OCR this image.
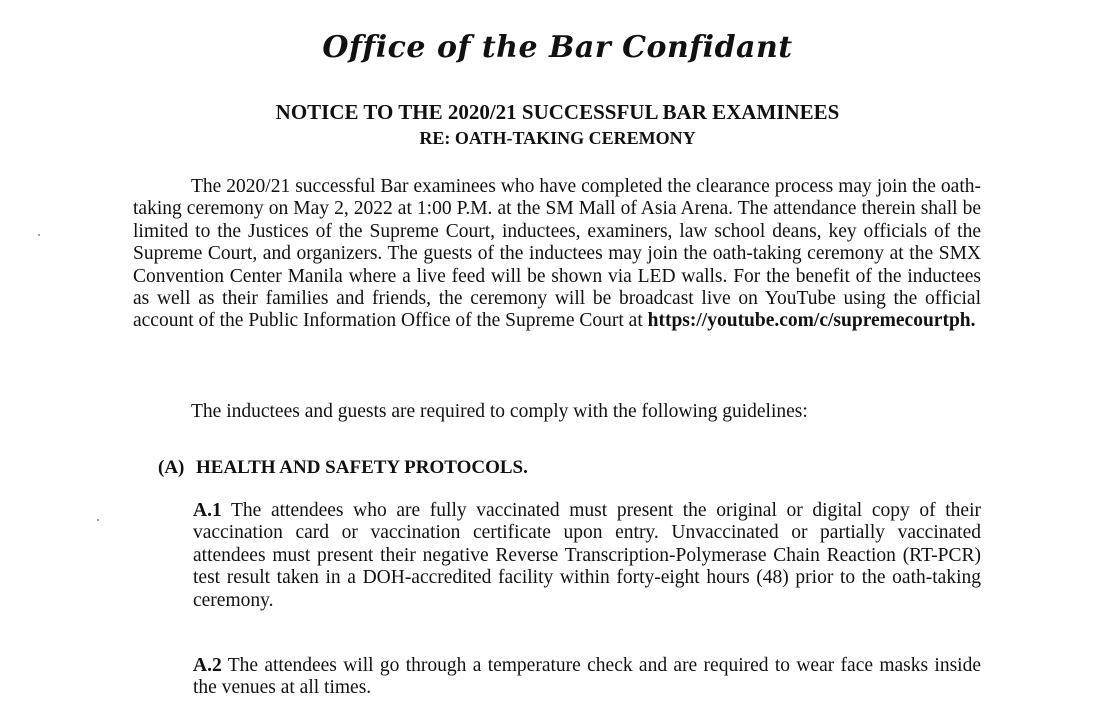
Office of the Bar Confidant
NOTICE TO THE 2020/21 SUCCESSFUL BAR EXAMINEES
RE: OATH-TAKING CEREMONY

The 2020/21 successful Bar examinees who have completed the clearance process may join the oath-taking ceremony on May 2, 2022 at 1:00 P.M. at the SM Mall of Asia Arena. The attendance therein shall be limited to the Justices of the Supreme Court, inductees, examiners, law school deans, key officials of the Supreme Court, and organizers. The guests of the inductees may join the oath-taking ceremony at the SMX Convention Center Manila where a live feed will be shown via LED walls. For the benefit of the inductees as well as their families and friends, the ceremony will be broadcast live on YouTube using the official account of the Public Information Office of the Supreme Court at https://youtube.com/c/supremecourtph.

The inductees and guests are required to comply with the following guidelines:

(A) HEALTH AND SAFETY PROTOCOLS.

A.1 The attendees who are fully vaccinated must present the original or digital copy of their vaccination card or vaccination certificate upon entry. Unvaccinated or partially vaccinated attendees must present their negative Reverse Transcription-Polymerase Chain Reaction (RT-PCR) test result taken in a DOH-accredited facility within forty-eight hours (48) prior to the oath-taking ceremony.

A.2 The attendees will go through a temperature check and are required to wear face masks inside the venues at all times.
